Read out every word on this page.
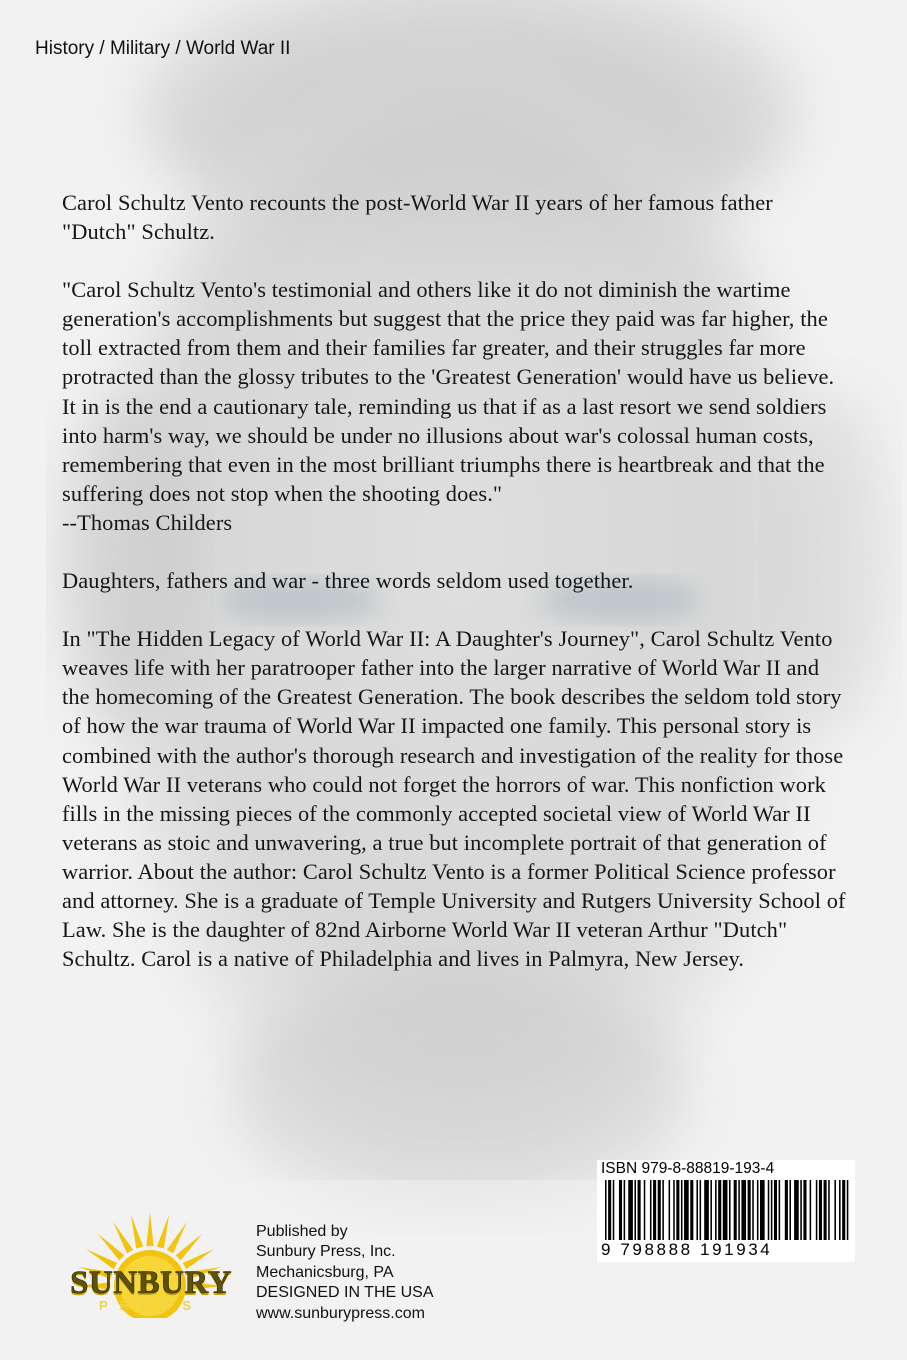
History / Military / World War II

Carol Schultz Vento recounts the post-World War II years of her famous father "Dutch" Schultz.

"Carol Schultz Vento's testimonial and others like it do not diminish the wartime generation's accomplishments but suggest that the price they paid was far higher, the toll extracted from them and their families far greater, and their struggles far more protracted than the glossy tributes to the 'Greatest Generation' would have us believe. It in is the end a cautionary tale, reminding us that if as a last resort we send soldiers into harm's way, we should be under no illusions about war's colossal human costs, remembering that even in the most brilliant triumphs there is heartbreak and that the suffering does not stop when the shooting does."

--Thomas Childers

Daughters, fathers and war - three words seldom used together.

In "The Hidden Legacy of World War II: A Daughter's Journey", Carol Schultz Vento weaves life with her paratrooper father into the larger narrative of World War II and the homecoming of the Greatest Generation. The book describes the seldom told story of how the war trauma of World War II impacted one family. This personal story is combined with the author's thorough research and investigation of the reality for those World War II veterans who could not forget the horrors of war. This nonfiction work fills in the missing pieces of the commonly accepted societal view of World War II veterans as stoic and unwavering, a true but incomplete portrait of that generation of warrior. About the author: Carol Schultz Vento is a former Political Science professor and attorney. She is a graduate of Temple University and Rutgers University School of Law. She is the daughter of 82nd Airborne World War II veteran Arthur "Dutch" Schultz. Carol is a native of Philadelphia and lives in Palmyra, New Jersey.

ISBN 979-8-88819-193-4
9 798888 191934
SUNBURY
PRESS
Published by
Sunbury Press, Inc.
Mechanicsburg, PA
DESIGNED IN THE USA
www.sunburypress.com
